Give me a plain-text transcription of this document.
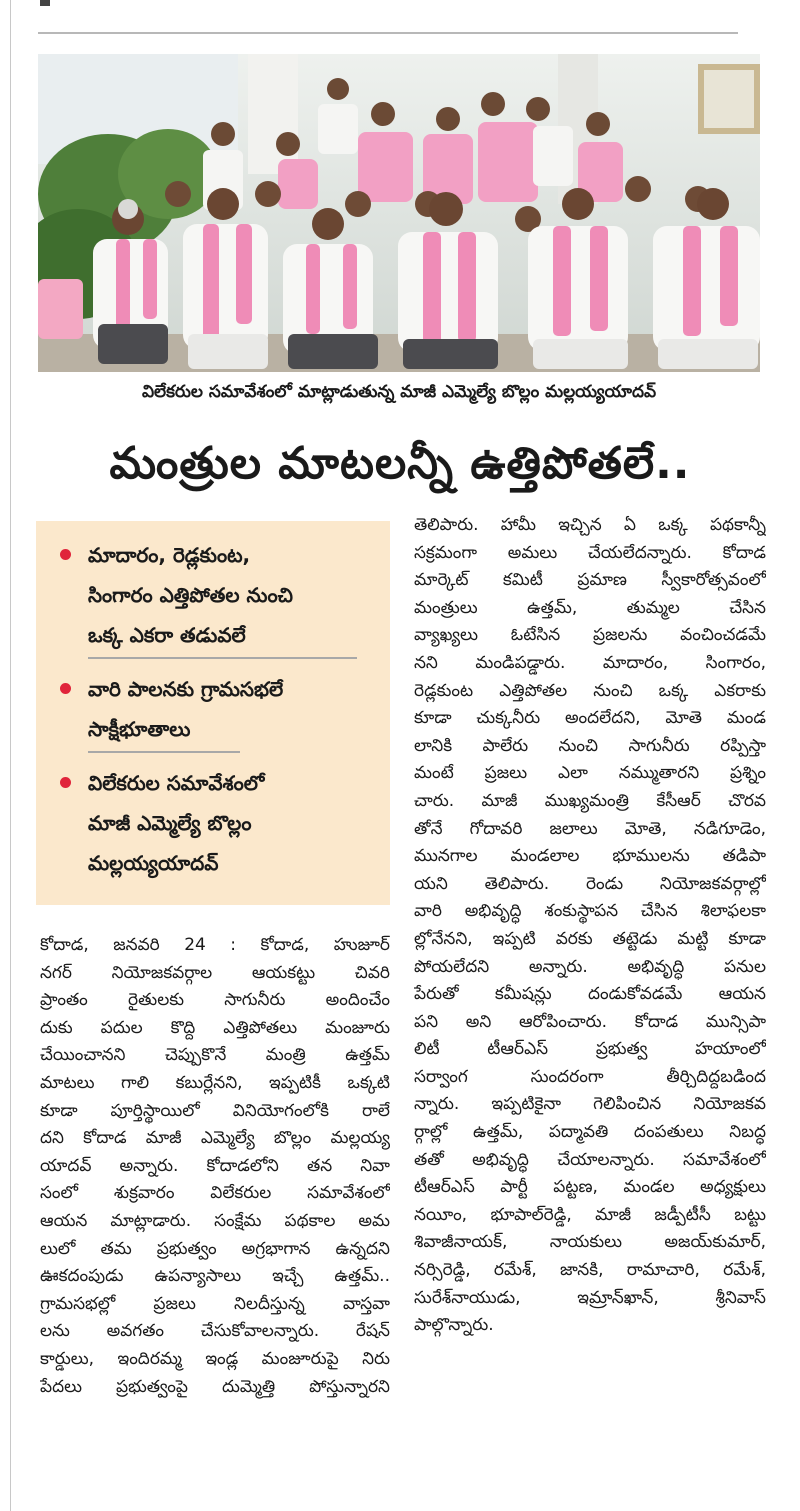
విలేకరుల సమావేశంలో మాట్లాడుతున్న మాజీ ఎమ్మెల్యే బొల్లం మల్లయ్యయాదవ్
మంత్రుల మాటలన్నీ ఉత్తిపోతలే..
మాదారం, రెడ్లకుంట,
సింగారం ఎత్తిపోతల నుంచి
ఒక్క ఎకరా తడువలే
వారి పాలనకు గ్రామసభలే
సాక్షీభూతాలు
విలేకరుల సమావేశంలో
మాజీ ఎమ్మెల్యే బొల్లం
మల్లయ్యయాదవ్
కోదాడ, జనవరి 24 : కోదాడ, హుజూర్
నగర్ నియోజకవర్గాల ఆయకట్టు చివరి
ప్రాంతం రైతులకు సాగునీరు అందించేం
దుకు పదుల కొద్ది ఎత్తిపోతలు మంజూరు
చేయించానని చెప్పుకొనే మంత్రి ఉత్తమ్
మాటలు గాలి కబుర్లేనని, ఇప్పటికీ ఒక్కటి
కూడా పూర్తిస్థాయిలో వినియోగంలోకి రాలే
దని కోదాడ మాజీ ఎమ్మెల్యే బొల్లం మల్లయ్య
యాదవ్ అన్నారు. కోదాడలోని తన నివా
సంలో శుక్రవారం విలేకరుల సమావేశంలో
ఆయన మాట్లాడారు. సంక్షేమ పథకాల అమ
లులో తమ ప్రభుత్వం అగ్రభాగాన ఉన్నదని
ఊకదంపుడు ఉపన్యాసాలు ఇచ్చే ఉత్తమ్..
గ్రామసభల్లో ప్రజలు నిలదీస్తున్న వాస్తవా
లను అవగతం చేసుకోవాలన్నారు. రేషన్
కార్డులు, ఇందిరమ్మ ఇండ్ల మంజూరుపై నిరు
పేదలు ప్రభుత్వంపై దుమ్మెత్తి పోస్తున్నారని
తెలిపారు. హామీ ఇచ్చిన ఏ ఒక్క పథకాన్నీ
సక్రమంగా అమలు చేయలేదన్నారు. కోదాడ
మార్కెట్ కమిటీ ప్రమాణ స్వీకారోత్సవంలో
మంత్రులు ఉత్తమ్, తుమ్మల చేసిన
వ్యాఖ్యలు ఓటేసిన ప్రజలను వంచించడమే
నని మండిపడ్డారు. మాదారం, సింగారం,
రెడ్లకుంట ఎత్తిపోతల నుంచి ఒక్క ఎకరాకు
కూడా చుక్కనీరు అందలేదని, మోతె మండ
లానికి పాలేరు నుంచి సాగునీరు రప్పిస్తా
మంటే ప్రజలు ఎలా నమ్ముతారని ప్రశ్నిం
చారు. మాజీ ముఖ్యమంత్రి కేసీఆర్ చొరవ
తోనే గోదావరి జలాలు మోతె, నడిగూడెం,
మునగాల మండలాల భూములను తడిపా
యని తెలిపారు. రెండు నియోజకవర్గాల్లో
వారి అభివృద్ధి శంకుస్థాపన చేసిన శిలాఫలకా
ల్లోనేనని, ఇప్పటి వరకు తట్టెడు మట్టి కూడా
పోయలేదని అన్నారు. అభివృద్ధి పనుల
పేరుతో కమీషన్లు దండుకోవడమే ఆయన
పని అని ఆరోపించారు. కోదాడ మున్సిపా
లిటీ టీఆర్ఎస్ ప్రభుత్వ హయాంలో
సర్వాంగ సుందరంగా తీర్చిదిద్దబడింద
న్నారు. ఇప్పటికైనా గెలిపించిన నియోజకవ
ర్గాల్లో ఉత్తమ్, పద్మావతి దంపతులు నిబద్ధ
తతో అభివృద్ధి చేయాలన్నారు. సమావేశంలో
టీఆర్ఎస్ పార్టీ పట్టణ, మండల అధ్యక్షులు
నయీం, భూపాల్‌రెడ్డి, మాజీ జడ్పీటీసీ బట్టు
శివాజీనాయక్, నాయకులు అజయ్‌కుమార్,
నర్సిరెడ్డి, రమేశ్, జానకి, రామాచారి, రమేశ్,
సురేశ్‌నాయుడు, ఇమ్రాన్‌ఖాన్, శ్రీనివాస్
పాల్గొన్నారు.
